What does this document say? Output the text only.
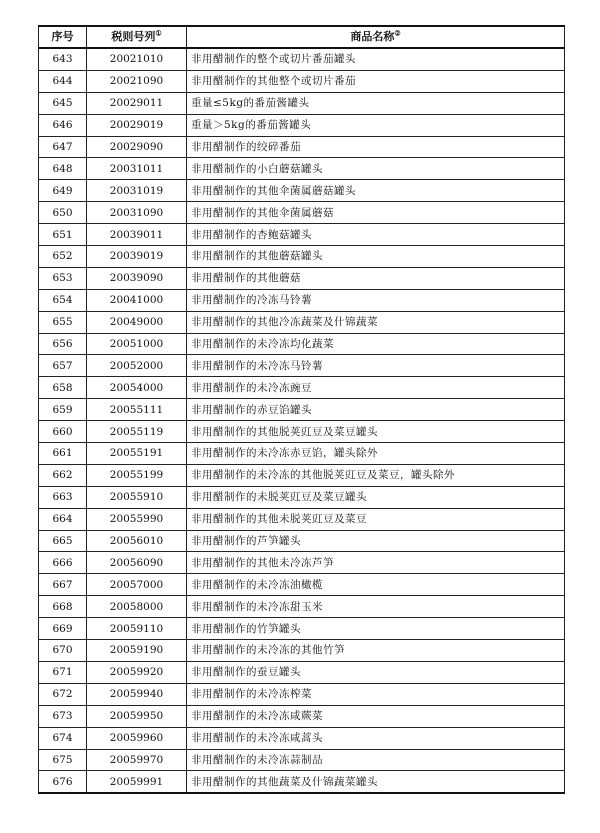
序号	税则号列①	商品名称②
643	20021010	非用醋制作的整个或切片番茄罐头
644	20021090	非用醋制作的其他整个或切片番茄
645	20029011	重量≤5kg的番茄酱罐头
646	20029019	重量＞5kg的番茄酱罐头
647	20029090	非用醋制作的绞碎番茄
648	20031011	非用醋制作的小白蘑菇罐头
649	20031019	非用醋制作的其他伞菌属蘑菇罐头
650	20031090	非用醋制作的其他伞菌属蘑菇
651	20039011	非用醋制作的杏鲍菇罐头
652	20039019	非用醋制作的其他蘑菇罐头
653	20039090	非用醋制作的其他蘑菇
654	20041000	非用醋制作的冷冻马铃薯
655	20049000	非用醋制作的其他冷冻蔬菜及什锦蔬菜
656	20051000	非用醋制作的未冷冻均化蔬菜
657	20052000	非用醋制作的未冷冻马铃薯
658	20054000	非用醋制作的未冷冻豌豆
659	20055111	非用醋制作的赤豆馅罐头
660	20055119	非用醋制作的其他脱荚豇豆及菜豆罐头
661	20055191	非用醋制作的未冷冻赤豆馅，罐头除外
662	20055199	非用醋制作的未冷冻的其他脱荚豇豆及菜豆，罐头除外
663	20055910	非用醋制作的未脱荚豇豆及菜豆罐头
664	20055990	非用醋制作的其他未脱荚豇豆及菜豆
665	20056010	非用醋制作的芦笋罐头
666	20056090	非用醋制作的其他未冷冻芦笋
667	20057000	非用醋制作的未冷冻油橄榄
668	20058000	非用醋制作的未冷冻甜玉米
669	20059110	非用醋制作的竹笋罐头
670	20059190	非用醋制作的未冷冻的其他竹笋
671	20059920	非用醋制作的蚕豆罐头
672	20059940	非用醋制作的未冷冻榨菜
673	20059950	非用醋制作的未冷冻咸蕨菜
674	20059960	非用醋制作的未冷冻咸蒿头
675	20059970	非用醋制作的未冷冻蒜制品
676	20059991	非用醋制作的其他蔬菜及什锦蔬菜罐头
